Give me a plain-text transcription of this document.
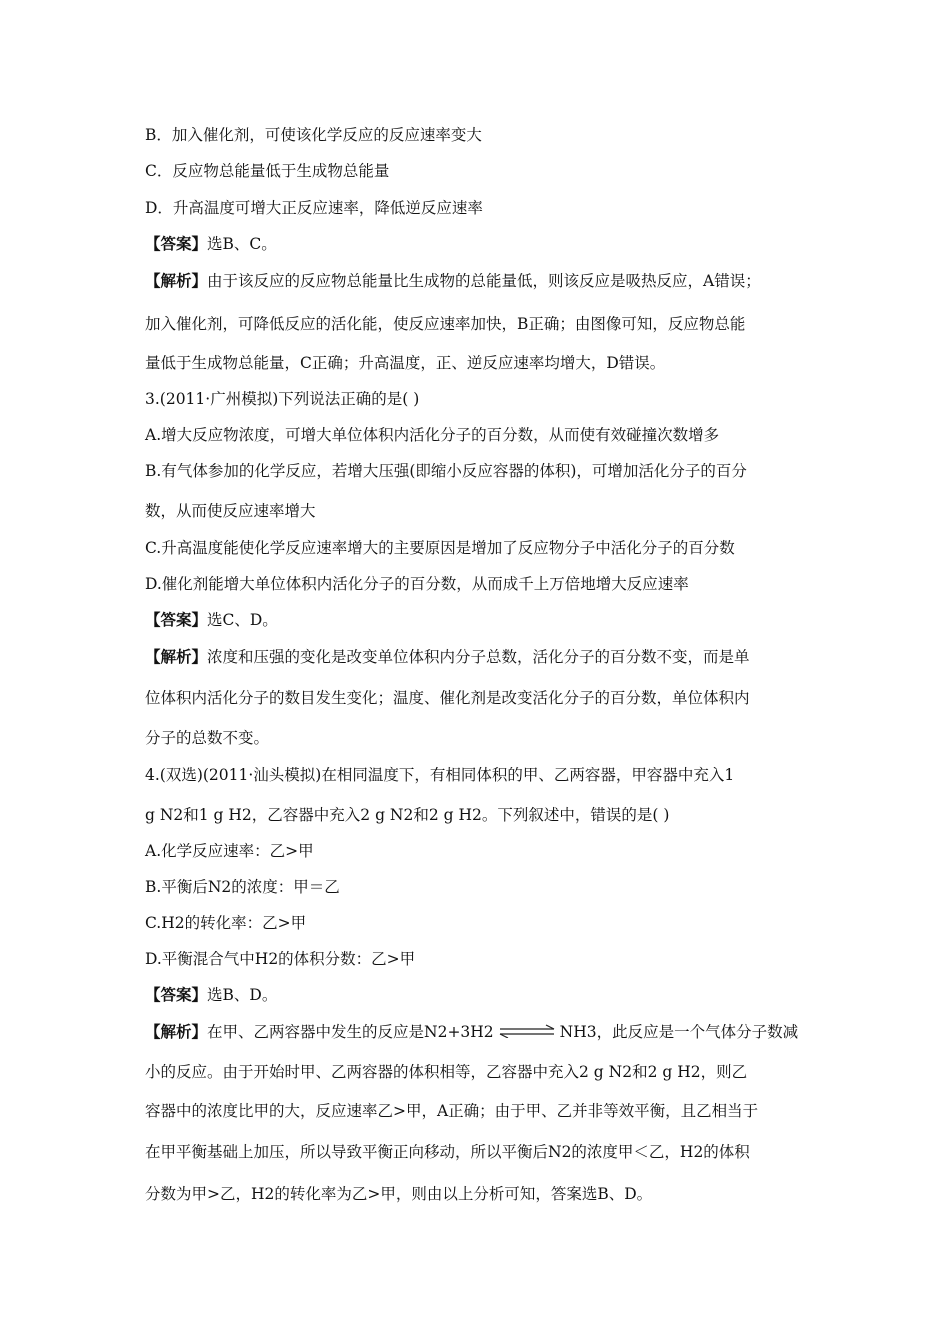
B．加入催化剂，可使该化学反应的反应速率变大
C．反应物总能量低于生成物总能量
D．升高温度可增大正反应速率，降低逆反应速率
【答案】选B、C。
【解析】由于该反应的反应物总能量比生成物的总能量低，则该反应是吸热反应，A错误；
加入催化剂，可降低反应的活化能，使反应速率加快，B正确；由图像可知，反应物总能
量低于生成物总能量，C正确；升高温度，正、逆反应速率均增大，D错误。
3.(2011·广州模拟)下列说法正确的是( )
A.增大反应物浓度，可增大单位体积内活化分子的百分数，从而使有效碰撞次数增多
B.有气体参加的化学反应，若增大压强(即缩小反应容器的体积)，可增加活化分子的百分
数，从而使反应速率增大
C.升高温度能使化学反应速率增大的主要原因是增加了反应物分子中活化分子的百分数
D.催化剂能增大单位体积内活化分子的百分数，从而成千上万倍地增大反应速率
【答案】选C、D。
【解析】浓度和压强的变化是改变单位体积内分子总数，活化分子的百分数不变，而是单
位体积内活化分子的数目发生变化；温度、催化剂是改变活化分子的百分数，单位体积内
分子的总数不变。
4.(双选)(2011·汕头模拟)在相同温度下，有相同体积的甲、乙两容器，甲容器中充入1
g N2和1 g H2，乙容器中充入2 g N2和2 g H2。下列叙述中，错误的是( )
A.化学反应速率：乙>甲
B.平衡后N2的浓度：甲＝乙
C.H2的转化率：乙>甲
D.平衡混合气中H2的体积分数：乙>甲
【答案】选B、D。
【解析】在甲、乙两容器中发生的反应是N2+3H2 ⇌ NH3，此反应是一个气体分子数减
小的反应。由于开始时甲、乙两容器的体积相等，乙容器中充入2 g N2和2 g H2，则乙
容器中的浓度比甲的大，反应速率乙>甲，A正确；由于甲、乙并非等效平衡，且乙相当于
在甲平衡基础上加压，所以导致平衡正向移动，所以平衡后N2的浓度甲＜乙，H2的体积
分数为甲>乙，H2的转化率为乙>甲，则由以上分析可知，答案选B、D。
